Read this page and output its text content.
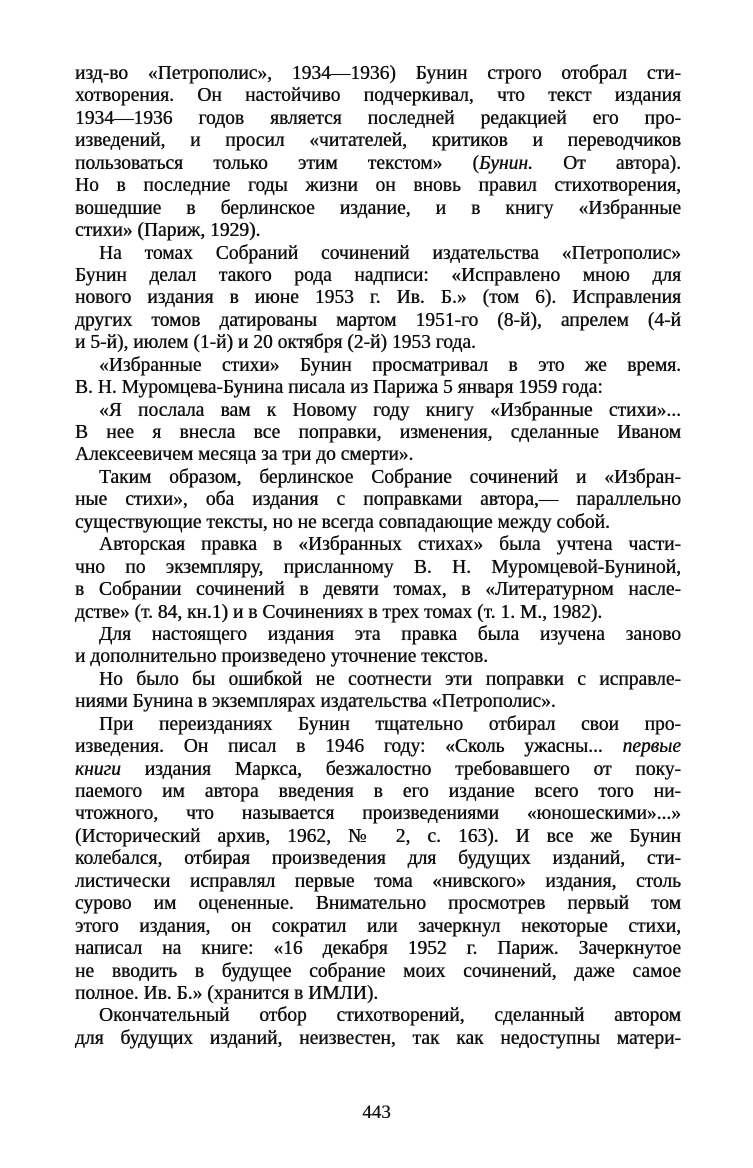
изд-во «Петрополис», 1934—1936) Бунин строго отобрал сти-
хотворения. Он настойчиво подчеркивал, что текст издания
1934—1936 годов является последней редакцией его про-
изведений, и просил «читателей, критиков и переводчиков
пользоваться только этим текстом» (Бунин. От автора).
Но в последние годы жизни он вновь правил стихотворения,
вошедшие в берлинское издание, и в книгу «Избранные
стихи» (Париж, 1929).
На томах Собраний сочинений издательства «Петрополис»
Бунин делал такого рода надписи: «Исправлено мною для
нового издания в июне 1953 г. Ив. Б.» (том 6). Исправления
других томов датированы мартом 1951-го (8-й), апрелем (4-й
и 5-й), июлем (1-й) и 20 октября (2-й) 1953 года.
«Избранные стихи» Бунин просматривал в это же время.
В. Н. Муромцева-Бунина писала из Парижа 5 января 1959 года:
«Я послала вам к Новому году книгу «Избранные стихи»...
В нее я внесла все поправки, изменения, сделанные Иваном
Алексеевичем месяца за три до смерти».
Таким образом, берлинское Собрание сочинений и «Избран-
ные стихи», оба издания с поправками автора,— параллельно
существующие тексты, но не всегда совпадающие между собой.
Авторская правка в «Избранных стихах» была учтена части-
чно по экземпляру, присланному В. Н. Муромцевой-Буниной,
в Собрании сочинений в девяти томах, в «Литературном насле-
дстве» (т. 84, кн.1) и в Сочинениях в трех томах (т. 1. М., 1982).
Для настоящего издания эта правка была изучена заново
и дополнительно произведено уточнение текстов.
Но было бы ошибкой не соотнести эти поправки с исправле-
ниями Бунина в экземплярах издательства «Петрополис».
При переизданиях Бунин тщательно отбирал свои про-
изведения. Он писал в 1946 году: «Сколь ужасны... первые
книги издания Маркса, безжалостно требовавшего от поку-
паемого им автора введения в его издание всего того ни-
чтожного, что называется произведениями «юношескими»...»
(Исторический архив, 1962, № 2, с. 163). И все же Бунин
колебался, отбирая произведения для будущих изданий, сти-
листически исправлял первые тома «нивского» издания, столь
сурово им оцененные. Внимательно просмотрев первый том
этого издания, он сократил или зачеркнул некоторые стихи,
написал на книге: «16 декабря 1952 г. Париж. Зачеркнутое
не вводить в будущее собрание моих сочинений, даже самое
полное. Ив. Б.» (хранится в ИМЛИ).
Окончательный отбор стихотворений, сделанный автором
для будущих изданий, неизвестен, так как недоступны матери-
443
